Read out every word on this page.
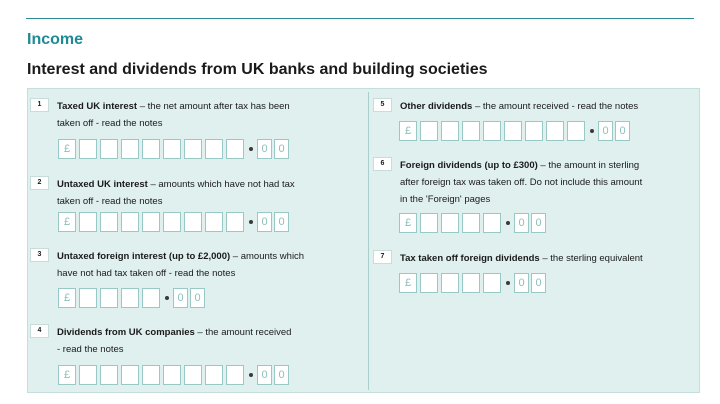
Income
Interest and dividends from UK banks and building societies
1	Taxed UK interest – the net amount after tax has been
taken off - read the notes
£	0 0
2	Untaxed UK interest – amounts which have not had tax
taken off - read the notes
£	0 0
3	Untaxed foreign interest (up to £2,000) – amounts which
have not had tax taken off - read the notes
£	0 0
4	Dividends from UK companies – the amount received
- read the notes
£	0 0
5	Other dividends – the amount received - read the notes
£	0 0
6	Foreign dividends (up to £300) – the amount in sterling
after foreign tax was taken off. Do not include this amount
in the 'Foreign' pages
£	0 0
7	Tax taken off foreign dividends – the sterling equivalent
£	0 0
